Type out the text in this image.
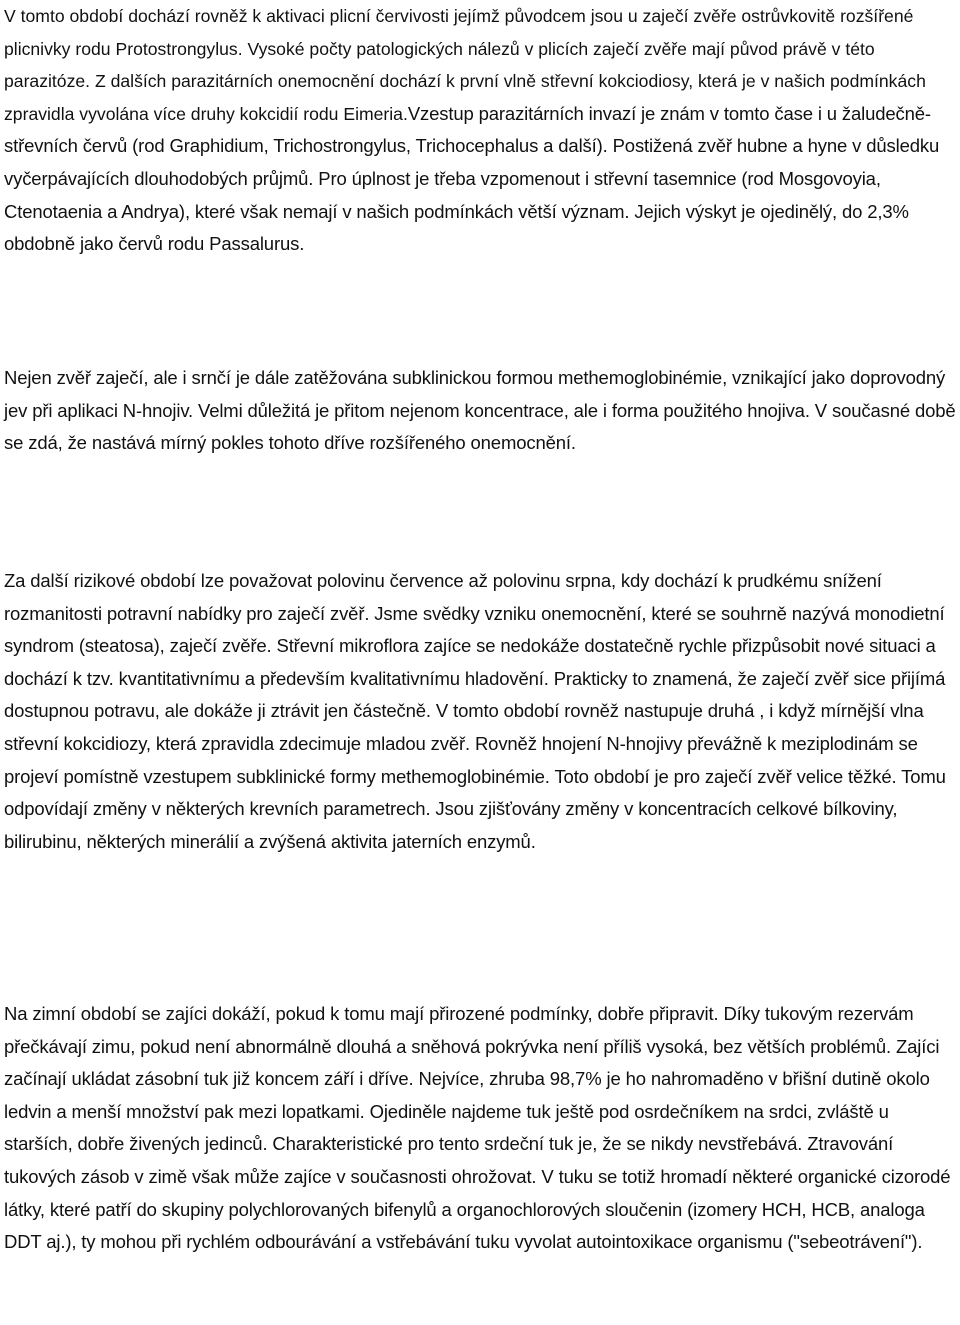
V tomto období dochází rovněž k aktivaci plicní červivosti jejímž původcem jsou u zaječí zvěře ostrůvkovitě rozšířené plicnivky rodu Protostrongylus. Vysoké počty patologických nálezů v plicích zaječí zvěře mají původ právě v této parazitóze. Z dalších parazitárních onemocnění dochází k první vlně střevní kokciodiosy, která je v našich podmínkách zpravidla vyvolána více druhy kokcidií rodu Eimeria.Vzestup parazitárních invazí je znám v tomto čase i u žaludečně-střevních červů (rod Graphidium, Trichostrongylus, Trichocephalus a další). Postižená zvěř hubne a hyne v důsledku vyčerpávajících dlouhodobých průjmů. Pro úplnost je třeba vzpomenout i střevní tasemnice (rod Mosgovoyia, Ctenotaenia a Andrya), které však nemají v našich podmínkách větší význam. Jejich výskyt je ojedinělý, do 2,3% obdobně jako červů rodu Passalurus.

Nejen zvěř zaječí, ale i srnčí je dále zatěžována subklinickou formou methemoglobinémie, vznikající jako doprovodný jev při aplikaci N-hnojiv. Velmi důležitá je přitom nejenom koncentrace, ale i forma použitého hnojiva. V současné době se zdá, že nastává mírný pokles tohoto dříve rozšířeného onemocnění.

Za další rizikové období lze považovat polovinu července až polovinu srpna, kdy dochází k prudkému snížení rozmanitosti potravní nabídky pro zaječí zvěř. Jsme svědky vzniku onemocnění, které se souhrně nazývá monodietní syndrom (steatosa), zaječí zvěře. Střevní mikroflora zajíce se nedokáže dostatečně rychle přizpůsobit nové situaci a dochází k tzv. kvantitativnímu a především kvalitativnímu hladovění. Prakticky to znamená, že zaječí zvěř sice přijímá dostupnou potravu, ale dokáže ji ztrávit jen částečně. V tomto období rovněž nastupuje druhá , i když mírnější vlna střevní kokcidiozy, která zpravidla zdecimuje mladou zvěř. Rovněž hnojení N-hnojivy převážně k meziplodinám se projeví pomístně vzestupem subklinické formy methemoglobinémie. Toto období je pro zaječí zvěř velice těžké. Tomu odpovídají změny v některých krevních parametrech. Jsou zjišťovány změny v koncentracích celkové bílkoviny, bilirubinu, některých minerálií a zvýšená aktivita jaterních enzymů.

Na zimní období se zajíci dokáží, pokud k tomu mají přirozené podmínky, dobře připravit. Díky tukovým rezervám přečkávají zimu, pokud není abnormálně dlouhá a sněhová pokrývka není příliš vysoká, bez větších problémů. Zajíci začínají ukládat zásobní tuk již koncem září i dříve. Nejvíce, zhruba 98,7% je ho nahromaděno v břišní dutině okolo ledvin a menší množství pak mezi lopatkami. Ojediněle najdeme tuk ještě pod osrdečníkem na srdci, zvláště u starších, dobře živených jedinců. Charakteristické pro tento srdeční tuk je, že se nikdy nevstřebává. Ztravování tukových zásob v zimě však může zajíce v současnosti ohrožovat. V tuku se totiž hromadí některé organické cizorodé látky, které patří do skupiny polychlorovaných bifenylů a organochlorových sloučenin (izomery HCH, HCB, analoga DDT aj.), ty mohou při rychlém odbourávání a vstřebávání tuku vyvolat autointoxikace organismu ("sebeotrávení").
